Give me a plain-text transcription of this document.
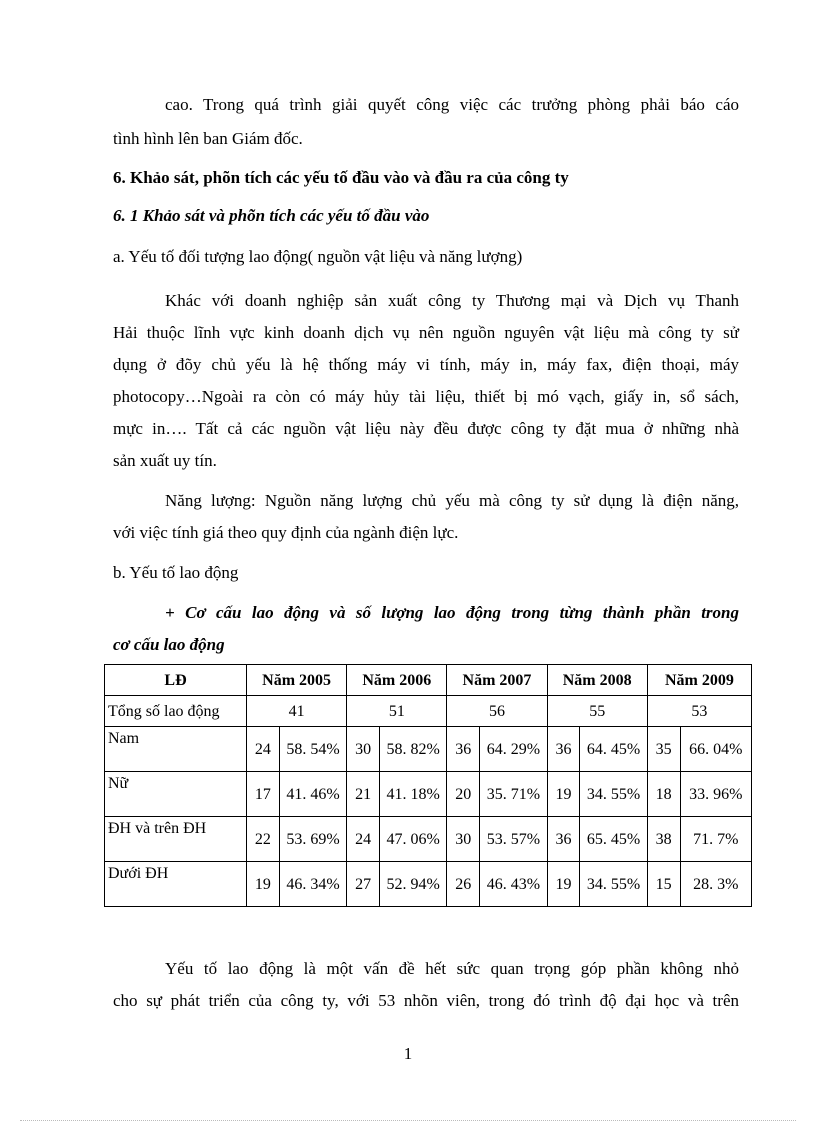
cao. Trong quá trình giải quyết công việc các trưởng phòng phải báo cáo

tình hình lên ban Giám đốc.

6. Khảo sát, phõn tích các yếu tố đầu vào và đầu ra của công ty

6. 1 Khảo sát và phõn tích các yếu tố đầu vào

a. Yếu tố đối tượng lao động( nguồn vật liệu và năng lượng)

Khác với doanh nghiệp sản xuất công ty Thương mại và Dịch vụ Thanh

Hải thuộc lĩnh vực kinh doanh dịch vụ nên nguồn nguyên vật liệu mà công ty sử

dụng ở đõy chủ yếu là hệ thống máy vi tính, máy in, máy fax, điện thoại, máy

photocopy…Ngoài ra còn có máy hủy tài liệu, thiết bị mó vạch, giấy in, sổ sách,

mực in…. Tất cả các nguồn vật liệu này đều được công ty đặt mua ở những nhà

sản xuất uy tín.

Năng lượng: Nguồn năng lượng chủ yếu mà công ty sử dụng là điện năng,

với việc tính giá theo quy định của ngành điện lực.

b. Yếu tố lao động

+ Cơ cấu lao động và số lượng lao động trong từng thành phần trong

cơ cấu lao động

LĐ	Năm 2005		Năm 2006		Năm 2007		Năm 2008		Năm 2009	
Tổng số lao động	41		51		56		55		53	
Nam	24	58. 54%	30	58. 82%	36	64. 29%	36	64. 45%	35	66. 04%
Nữ	17	41. 46%	21	41. 18%	20	35. 71%	19	34. 55%	18	33. 96%
ĐH và trên ĐH	22	53. 69%	24	47. 06%	30	53. 57%	36	65. 45%	38	71. 7%
Dưới ĐH	19	46. 34%	27	52. 94%	26	46. 43%	19	34. 55%	15	28. 3%

Yếu tố lao động là một vấn đề hết sức quan trọng góp phần không nhỏ

cho sự phát triển của công ty, với 53 nhõn viên, trong đó trình độ đại học và trên

1
